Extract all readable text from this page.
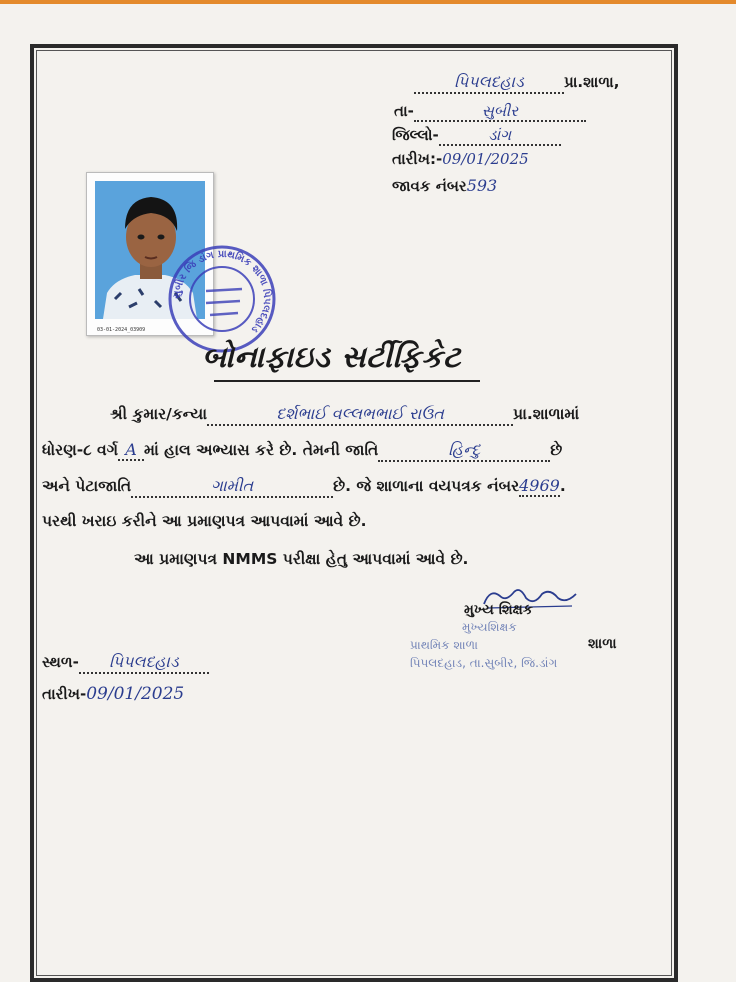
પિપલદહાડ	પ્રા.શાળા,
તા-	સુબીર
જિલ્લો-	ડાંગ
તારીખ:-09/01/2025
જાવક નંબર593
03-01-2024_03909
સુબીર જિ ડાંગ પ્રાથમિક શાળા પિપલદહાડ
બોનાફાઇડ સર્ટીફિકેટ
શ્રી કુમાર/કન્યા	દર્શભાઈ વલ્લભભાઈ રાઉત	પ્રા.શાળામાં
ધોરણ-૮ વર્ગ A માં હાલ અભ્યાસ કરે છે. તેમની જાતિ	હિન્દુ	છે
અને પેટાજાતિ	ગામીત	છે. જે શાળાના વયપત્રક નંબર4969.
પરથી ખરાઇ કરીને આ પ્રમાણપત્ર આપવામાં આવે છે.
આ પ્રમાણપત્ર NMMS પરીક્ષા હેતુ આપવામાં આવે છે.
મુખ્ય શિક્ષક
મુખ્યશિક્ષક
પ્રાથમિક શાળા	શાળા
પિપલદહાડ, તા.સુબીર, જિ.ડાંગ
સ્થળ- પિપલદહાડ
તારીખ-09/01/2025
